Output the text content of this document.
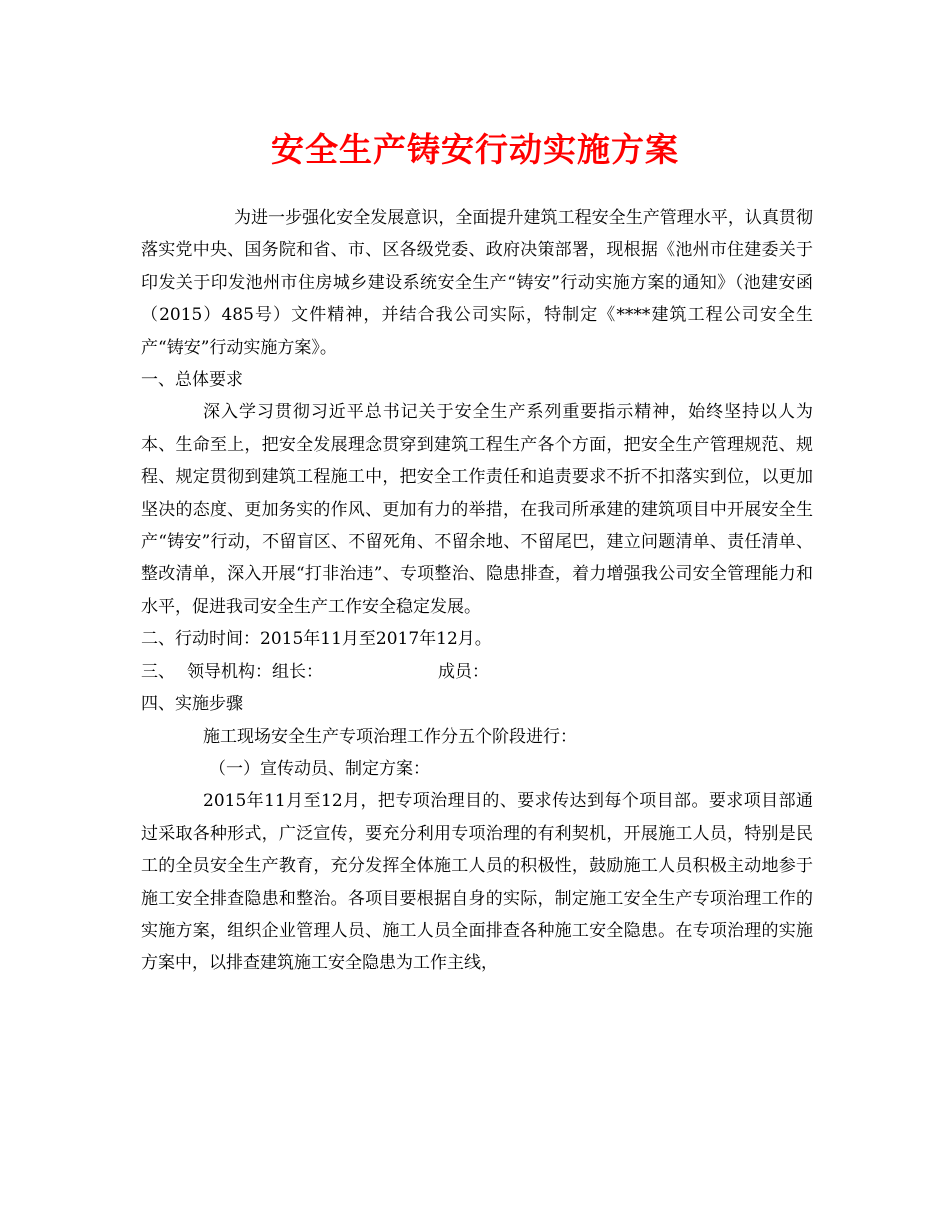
安全生产铸安行动实施方案

为进一步强化安全发展意识，全面提升建筑工程安全生产管理水平，认真贯彻落实党中央、国务院和省、市、区各级党委、政府决策部署，现根据《池州市住建委关于印发关于印发池州市住房城乡建设系统安全生产“铸安”行动实施方案的通知》（池建安函（2015）485号）文件精神，并结合我公司实际，特制定《****建筑工程公司安全生产“铸安”行动实施方案》。

一、总体要求

深入学习贯彻习近平总书记关于安全生产系列重要指示精神，始终坚持以人为本、生命至上，把安全发展理念贯穿到建筑工程生产各个方面，把安全生产管理规范、规程、规定贯彻到建筑工程施工中，把安全工作责任和追责要求不折不扣落实到位，以更加坚决的态度、更加务实的作风、更加有力的举措，在我司所承建的建筑项目中开展安全生产“铸安”行动，不留盲区、不留死角、不留余地、不留尾巴，建立问题清单、责任清单、整改清单，深入开展“打非治违”、专项整治、隐患排查，着力增强我公司安全管理能力和水平，促进我司安全生产工作安全稳定发展。

二、行动时间：2015年11月至2017年12月。

三、 领导机构：组长：	成员：

四、实施步骤

施工现场安全生产专项治理工作分五个阶段进行：

（一）宣传动员、制定方案：

2015年11月至12月，把专项治理目的、要求传达到每个项目部。要求项目部通过采取各种形式，广泛宣传，要充分利用专项治理的有利契机，开展施工人员，特别是民工的全员安全生产教育，充分发挥全体施工人员的积极性，鼓励施工人员积极主动地参于施工安全排查隐患和整治。各项目要根据自身的实际，制定施工安全生产专项治理工作的实施方案，组织企业管理人员、施工人员全面排查各种施工安全隐患。在专项治理的实施方案中，以排查建筑施工安全隐患为工作主线，
